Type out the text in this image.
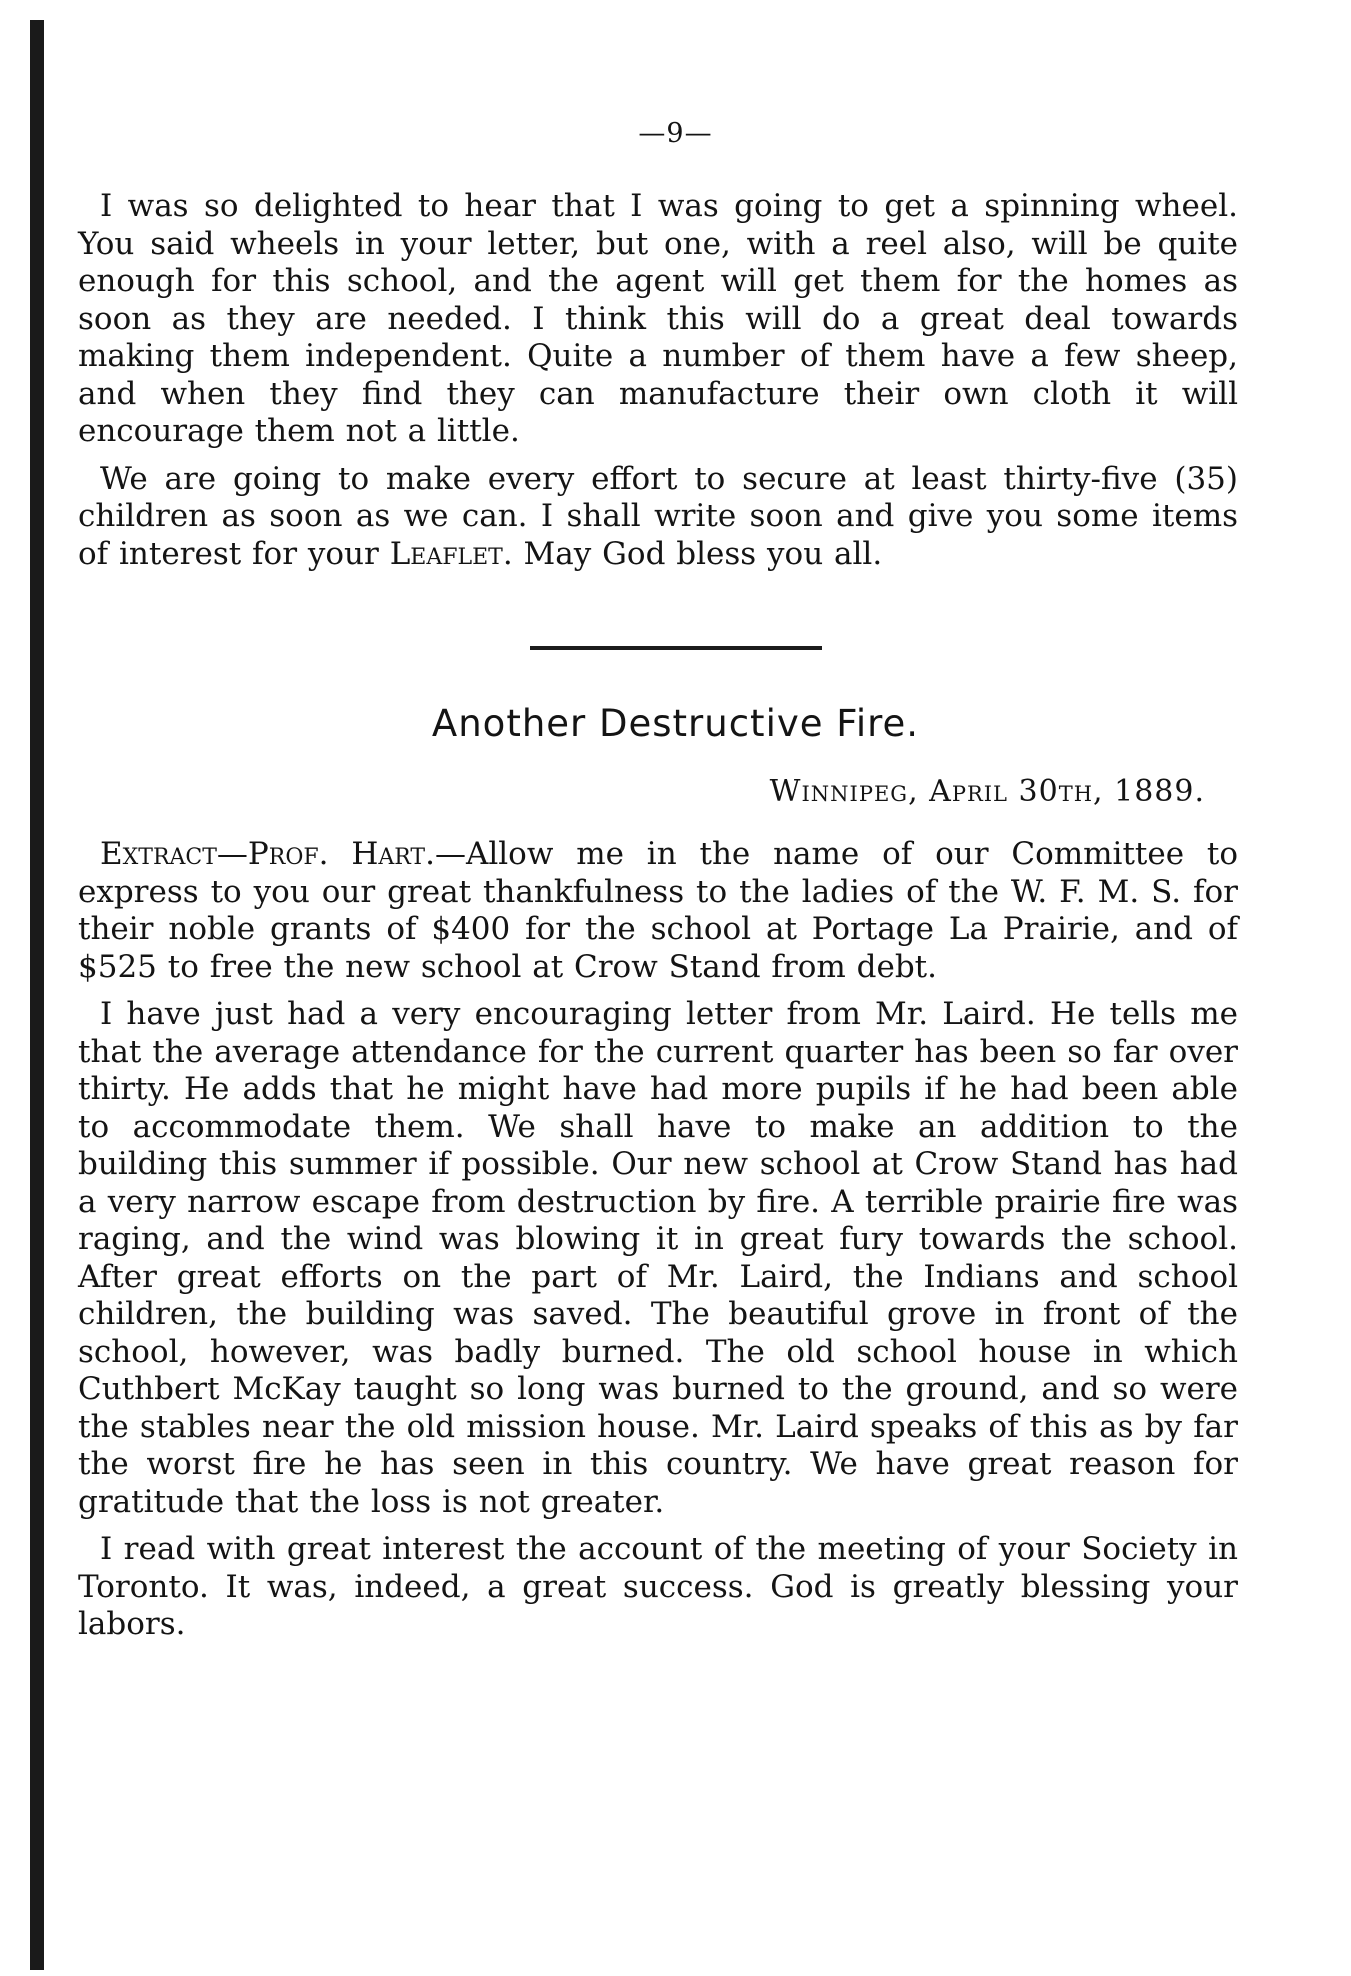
—9—

I was so delighted to hear that I was going to get a spinning wheel. You said wheels in your letter, but one, with a reel also, will be quite enough for this school, and the agent will get them for the homes as soon as they are needed. I think this will do a great deal towards making them independent. Quite a number of them have a few sheep, and when they find they can manufacture their own cloth it will encourage them not a little.

We are going to make every effort to secure at least thirty-five (35) children as soon as we can. I shall write soon and give you some items of interest for your Leaflet. May God bless you all.

Another Destructive Fire.
Winnipeg, April 30th, 1889.

Extract—Prof. Hart.—Allow me in the name of our Committee to express to you our great thankfulness to the ladies of the W. F. M. S. for their noble grants of $400 for the school at Portage La Prairie, and of $525 to free the new school at Crow Stand from debt.

I have just had a very encouraging letter from Mr. Laird. He tells me that the average attendance for the current quarter has been so far over thirty. He adds that he might have had more pupils if he had been able to accommodate them. We shall have to make an addition to the building this summer if possible. Our new school at Crow Stand has had a very narrow escape from destruction by fire. A terrible prairie fire was raging, and the wind was blowing it in great fury towards the school. After great efforts on the part of Mr. Laird, the Indians and school children, the building was saved. The beautiful grove in front of the school, however, was badly burned. The old school house in which Cuthbert McKay taught so long was burned to the ground, and so were the stables near the old mission house. Mr. Laird speaks of this as by far the worst fire he has seen in this country. We have great reason for gratitude that the loss is not greater.

I read with great interest the account of the meeting of your Society in Toronto. It was, indeed, a great success. God is greatly blessing your labors.
